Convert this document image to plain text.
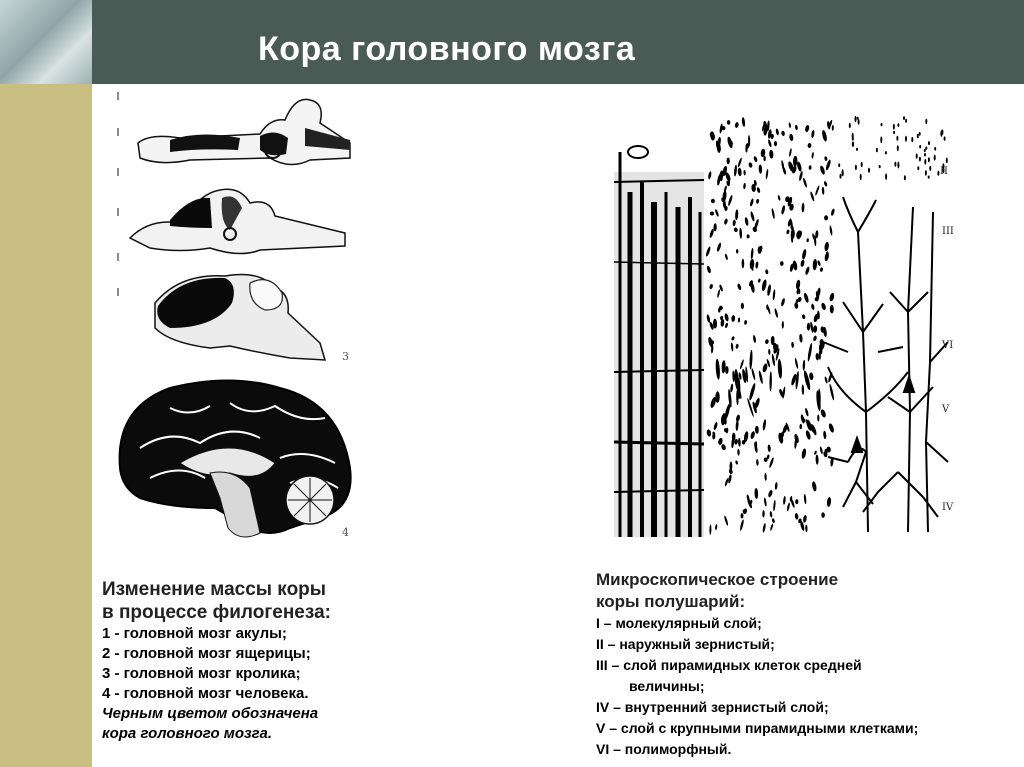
Кора головного мозга
3
4
II
III
V
VI
IV
Изменение массы коры
в процессе филогенеза:
1 - головной мозг акулы;
2 - головной мозг ящерицы;
3 - головной мозг кролика;
4 - головной мозг человека.
Черным цветом обозначена
кора головного мозга.
Микроскопическое строение
коры полушарий:
I – молекулярный слой;
II – наружный зернистый;
III – слой пирамидных клеток средней
величины;
IV – внутренний зернистый слой;
V – слой с крупными пирамидными клетками;
VI – полиморфный.
